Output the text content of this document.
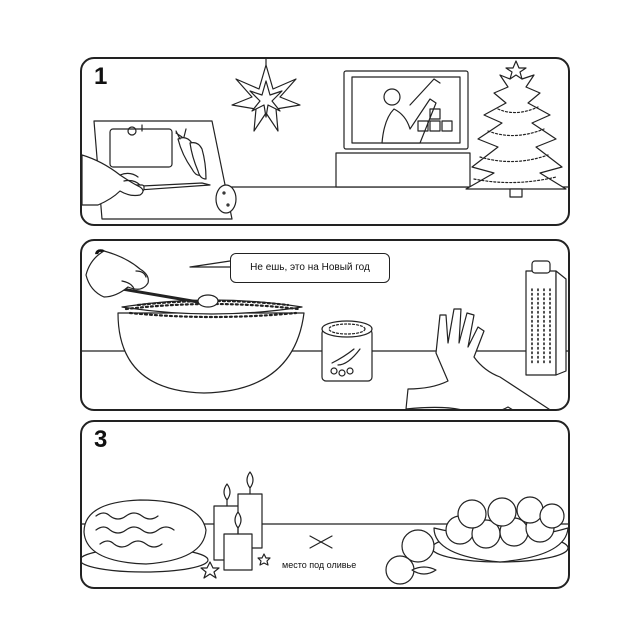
1
Не ешь, это на Новый год
3
место под оливье
